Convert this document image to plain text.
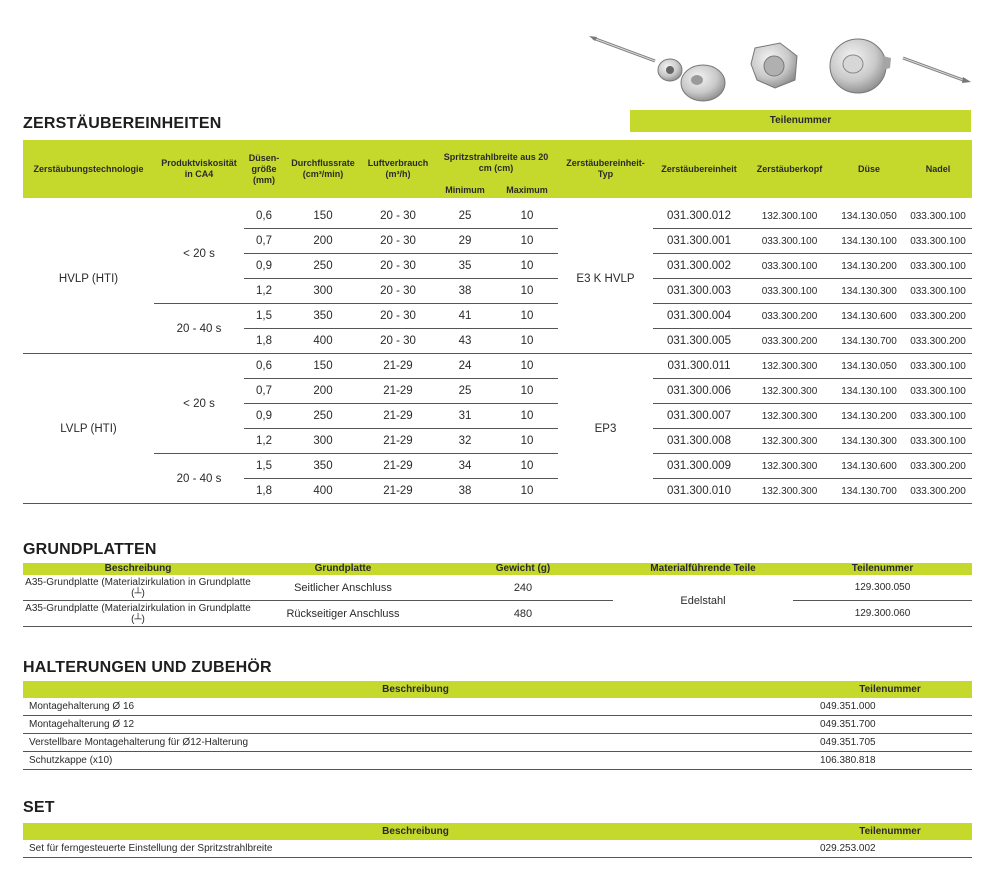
ZERSTÄUBEREINHEITEN	Teilenummer
Zerstäubungstechnologie	Produktviskosität in CA4	Düsen-größe (mm)	Durchflussrate (cm³/min)	Luftverbrauch (m³/h)	Spritzstrahlbreite aus 20 cm (cm)		Zerstäubereinheit-Typ	Zerstäubereinheit	Zerstäuberkopf	Düse	Nadel
					Minimum	Maximum					

HVLP (HTI)	< 20 s	0,6	150	20 - 30	25	10	E3 K HVLP	031.300.012	132.300.100	134.130.050	033.300.100
		0,7	200	20 - 30	29	10		031.300.001	033.300.100	134.130.100	033.300.100
		0,9	250	20 - 30	35	10		031.300.002	033.300.100	134.130.200	033.300.100
		1,2	300	20 - 30	38	10		031.300.003	033.300.100	134.130.300	033.300.100
	20 - 40 s	1,5	350	20 - 30	41	10		031.300.004	033.300.200	134.130.600	033.300.200
		1,8	400	20 - 30	43	10		031.300.005	033.300.200	134.130.700	033.300.200
LVLP (HTI)	< 20 s	0,6	150	21-29	24	10	EP3	031.300.011	132.300.300	134.130.050	033.300.100
		0,7	200	21-29	25	10		031.300.006	132.300.300	134.130.100	033.300.100
		0,9	250	21-29	31	10		031.300.007	132.300.300	134.130.200	033.300.100
		1,2	300	21-29	32	10		031.300.008	132.300.300	134.130.300	033.300.100
	20 - 40 s	1,5	350	21-29	34	10		031.300.009	132.300.300	134.130.600	033.300.200
		1,8	400	21-29	38	10		031.300.010	132.300.300	134.130.700	033.300.200
GRUNDPLATTEN
Beschreibung	Grundplatte	Gewicht (g)	Materialführende Teile	Teilenummer
A35-Grundplatte (Materialzirkulation in Grundplatte (┴)	Seitlicher Anschluss	240	Edelstahl	129.300.050
A35-Grundplatte (Materialzirkulation in Grundplatte (┴)	Rückseitiger Anschluss	480		129.300.060
HALTERUNGEN UND ZUBEHÖR
Beschreibung	Teilenummer
Montagehalterung Ø 16	049.351.000
Montagehalterung Ø 12	049.351.700
Verstellbare Montagehalterung für Ø12-Halterung	049.351.705
Schutzkappe (x10)	106.380.818
SET
Beschreibung	Teilenummer
Set für ferngesteuerte Einstellung der Spritzstrahlbreite	029.253.002
